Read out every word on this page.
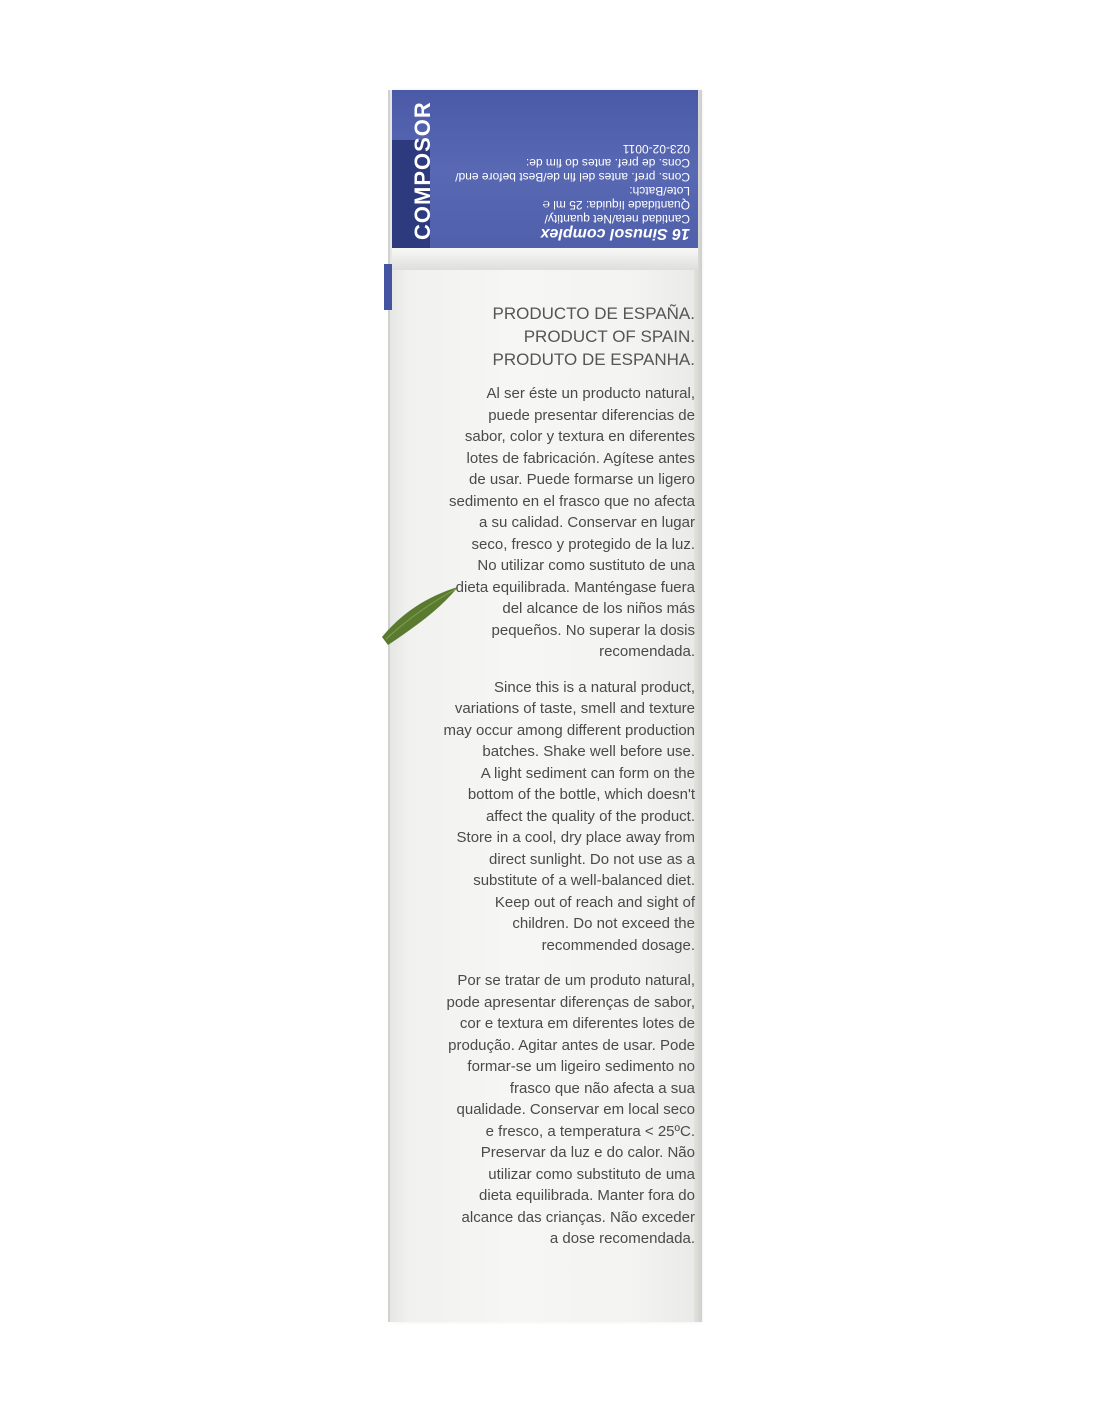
16 Sinusol complex
Cantidad neta/Net quantity/
Quantidade líquida: 25 ml ℮
Lote/Batch:
Cons. pref. antes del fin de/Best before end/
Cons. de pref. antes do fim de:
023-02-0011
COMPOSOR
PRODUCTO DE ESPAÑA.
PRODUCT OF SPAIN.
PRODUTO DE ESPANHA.
Al ser éste un producto natural,
puede presentar diferencias de
sabor, color y textura en diferentes
lotes de fabricación. Agítese antes
de usar. Puede formarse un ligero
sedimento en el frasco que no afecta
a su calidad. Conservar en lugar
seco, fresco y protegido de la luz.
No utilizar como sustituto de una
dieta equilibrada. Manténgase fuera
del alcance de los niños más
pequeños. No superar la dosis
recomendada.
Since this is a natural product,
variations of taste, smell and texture
may occur among different production
batches. Shake well before use.
A light sediment can form on the
bottom of the bottle, which doesn't
affect the quality of the product.
Store in a cool, dry place away from
direct sunlight. Do not use as a
substitute of a well-balanced diet.
Keep out of reach and sight of
children. Do not exceed the
recommended dosage.
Por se tratar de um produto natural,
pode apresentar diferenças de sabor,
cor e textura em diferentes lotes de
produção. Agitar antes de usar. Pode
formar-se um ligeiro sedimento no
frasco que não afecta a sua
qualidade. Conservar em local seco
e fresco, a temperatura < 25ºC.
Preservar da luz e do calor. Não
utilizar como substituto de uma
dieta equilibrada. Manter fora do
alcance das crianças. Não exceder
a dose recomendada.
